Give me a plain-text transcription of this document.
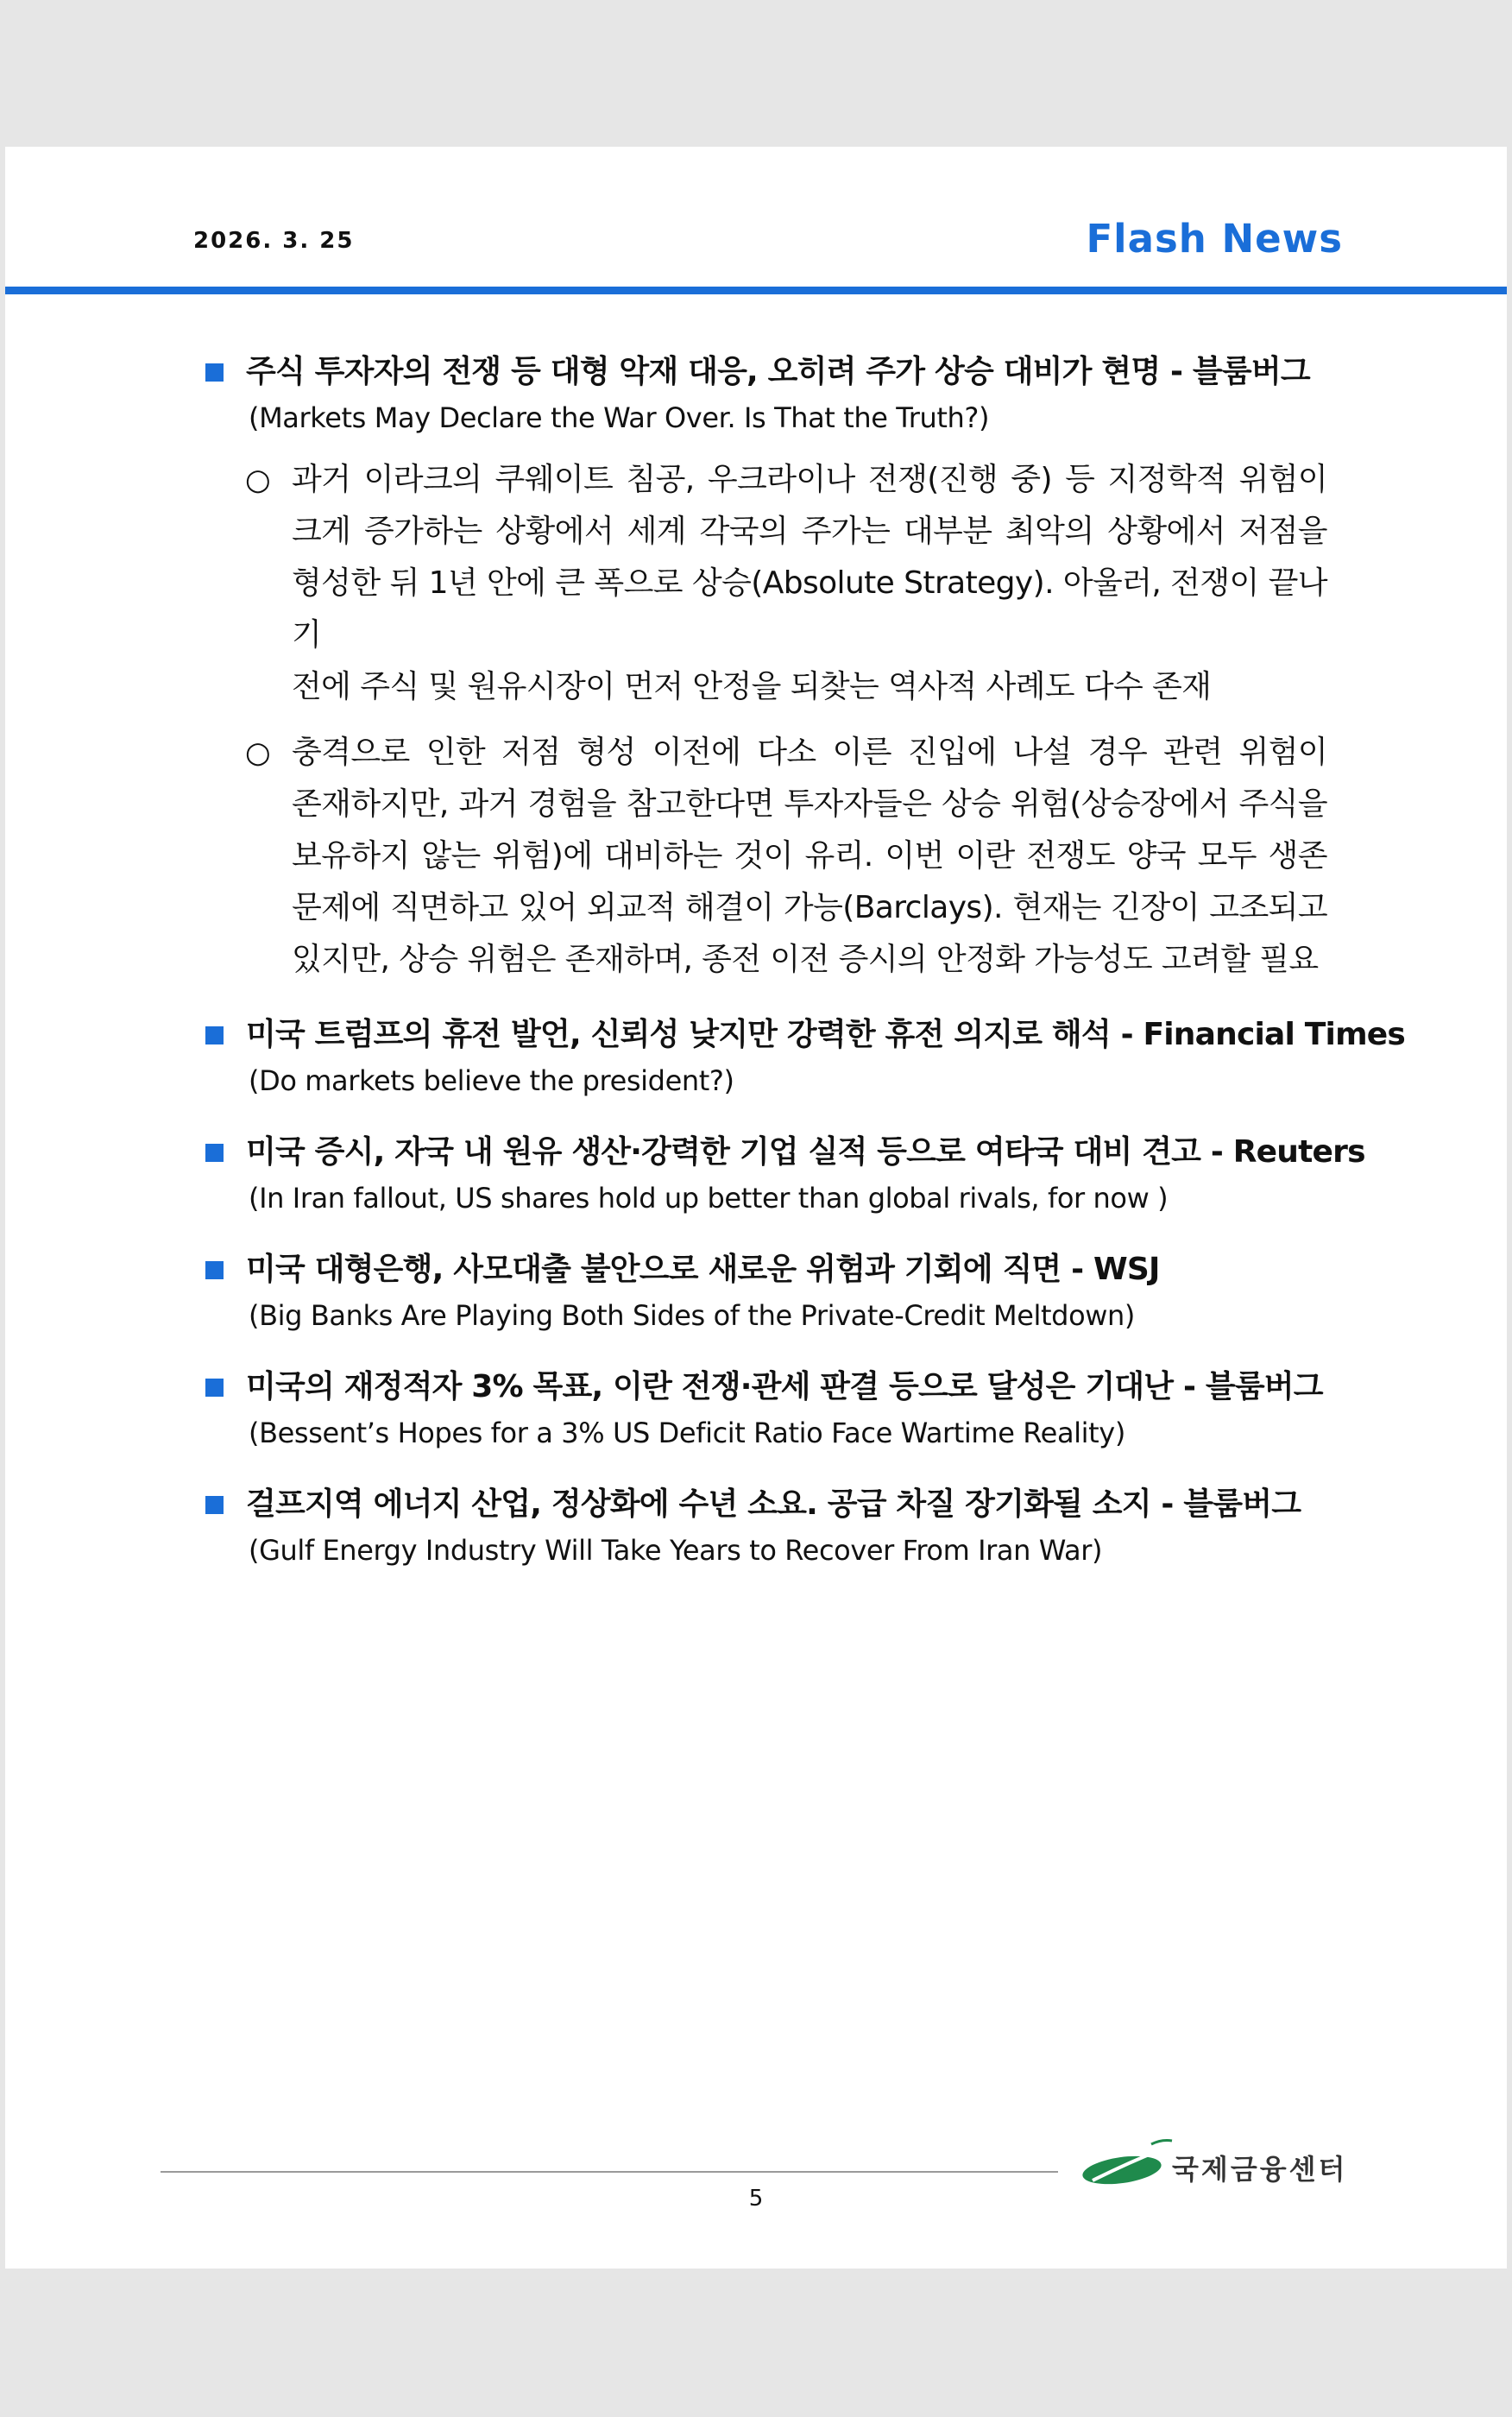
2026. 3. 25	Flash News
주식 투자자의 전쟁 등 대형 악재 대응, 오히려 주가 상승 대비가 현명 - 블룸버그
(Markets May Declare the War Over. Is That the Truth?)
○ 과거 이라크의 쿠웨이트 침공, 우크라이나 전쟁(진행 중) 등 지정학적 위험이
크게 증가하는 상황에서 세계 각국의 주가는 대부분 최악의 상황에서 저점을
형성한 뒤 1년 안에 큰 폭으로 상승(Absolute Strategy). 아울러, 전쟁이 끝나기
전에 주식 및 원유시장이 먼저 안정을 되찾는 역사적 사례도 다수 존재
○ 충격으로 인한 저점 형성 이전에 다소 이른 진입에 나설 경우 관련 위험이
존재하지만, 과거 경험을 참고한다면 투자자들은 상승 위험(상승장에서 주식을
보유하지 않는 위험)에 대비하는 것이 유리. 이번 이란 전쟁도 양국 모두 생존
문제에 직면하고 있어 외교적 해결이 가능(Barclays). 현재는 긴장이 고조되고
있지만, 상승 위험은 존재하며, 종전 이전 증시의 안정화 가능성도 고려할 필요
미국 트럼프의 휴전 발언, 신뢰성 낮지만 강력한 휴전 의지로 해석 - Financial Times
(Do markets believe the president?)
미국 증시, 자국 내 원유 생산·강력한 기업 실적 등으로 여타국 대비 견고 - Reuters
(In Iran fallout, US shares hold up better than global rivals, for now )
미국 대형은행, 사모대출 불안으로 새로운 위험과 기회에 직면 - WSJ
(Big Banks Are Playing Both Sides of the Private-Credit Meltdown)
미국의 재정적자 3% 목표, 이란 전쟁·관세 판결 등으로 달성은 기대난 - 블룸버그
(Bessent’s Hopes for a 3% US Deficit Ratio Face Wartime Reality)
걸프지역 에너지 산업, 정상화에 수년 소요. 공급 차질 장기화될 소지 - 블룸버그
(Gulf Energy Industry Will Take Years to Recover From Iran War)
국제금융센터
5
